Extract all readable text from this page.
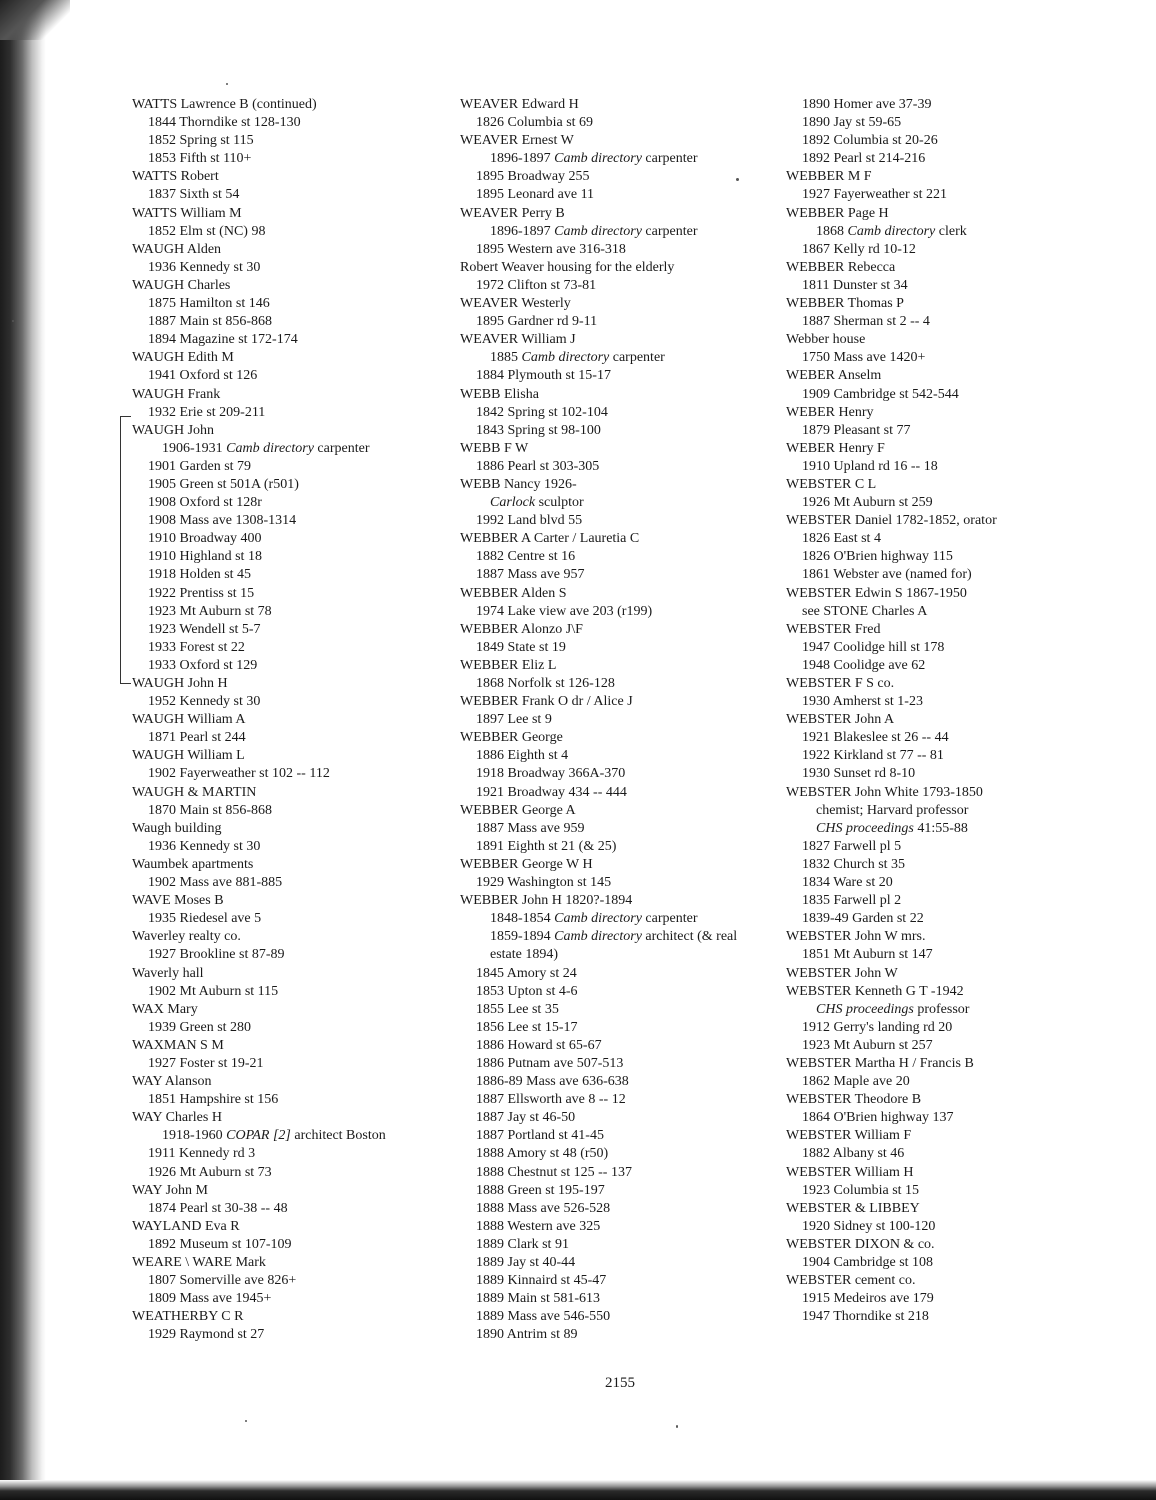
WATTS Lawrence B (continued)
1844 Thorndike st 128-130
1852 Spring st 115
1853 Fifth st 110+
WATTS Robert
1837 Sixth st 54
WATTS William M
1852 Elm st (NC) 98
WAUGH Alden
1936 Kennedy st 30
WAUGH Charles
1875 Hamilton st 146
1887 Main st 856-868
1894 Magazine st 172-174
WAUGH Edith M
1941 Oxford st 126
WAUGH Frank
1932 Erie st 209-211
WAUGH John
1906-1931 Camb directory carpenter
1901 Garden st 79
1905 Green st 501A (r501)
1908 Oxford st 128r
1908 Mass ave 1308-1314
1910 Broadway 400
1910 Highland st 18
1918 Holden st 45
1922 Prentiss st 15
1923 Mt Auburn st 78
1923 Wendell st 5-7
1933 Forest st 22
1933 Oxford st 129
WAUGH John H
1952 Kennedy st 30
WAUGH William A
1871 Pearl st 244
WAUGH William L
1902 Fayerweather st 102 -- 112
WAUGH & MARTIN
1870 Main st 856-868
Waugh building
1936 Kennedy st 30
Waumbek apartments
1902 Mass ave 881-885
WAVE Moses B
1935 Riedesel ave 5
Waverley realty co.
1927 Brookline st 87-89
Waverly hall
1902 Mt Auburn st 115
WAX Mary
1939 Green st 280
WAXMAN S M
1927 Foster st 19-21
WAY Alanson
1851 Hampshire st 156
WAY Charles H
1918-1960 COPAR [2] architect Boston
1911 Kennedy rd 3
1926 Mt Auburn st 73
WAY John M
1874 Pearl st 30-38 -- 48
WAYLAND Eva R
1892 Museum st 107-109
WEARE \ WARE Mark
1807 Somerville ave 826+
1809 Mass ave 1945+
WEATHERBY C R
1929 Raymond st 27
WEAVER Edward H
1826 Columbia st 69
WEAVER Ernest W
1896-1897 Camb directory carpenter
1895 Broadway 255
1895 Leonard ave 11
WEAVER Perry B
1896-1897 Camb directory carpenter
1895 Western ave 316-318
Robert Weaver housing for the elderly
1972 Clifton st 73-81
WEAVER Westerly
1895 Gardner rd 9-11
WEAVER William J
1885 Camb directory carpenter
1884 Plymouth st 15-17
WEBB Elisha
1842 Spring st 102-104
1843 Spring st 98-100
WEBB F W
1886 Pearl st 303-305
WEBB Nancy 1926-
Carlock sculptor
1992 Land blvd 55
WEBBER A Carter / Lauretia C
1882 Centre st 16
1887 Mass ave 957
WEBBER Alden S
1974 Lake view ave 203 (r199)
WEBBER Alonzo J\F
1849 State st 19
WEBBER Eliz L
1868 Norfolk st 126-128
WEBBER Frank O dr / Alice J
1897 Lee st 9
WEBBER George
1886 Eighth st 4
1918 Broadway 366A-370
1921 Broadway 434 -- 444
WEBBER George A
1887 Mass ave 959
1891 Eighth st 21 (& 25)
WEBBER George W H
1929 Washington st 145
WEBBER John H 1820?-1894
1848-1854 Camb directory carpenter
1859-1894 Camb directory architect (& real
estate 1894)
1845 Amory st 24
1853 Upton st 4-6
1855 Lee st 35
1856 Lee st 15-17
1886 Howard st 65-67
1886 Putnam ave 507-513
1886-89 Mass ave 636-638
1887 Ellsworth ave 8 -- 12
1887 Jay st 46-50
1887 Portland st 41-45
1888 Amory st 48 (r50)
1888 Chestnut st 125 -- 137
1888 Green st 195-197
1888 Mass ave 526-528
1888 Western ave 325
1889 Clark st 91
1889 Jay st 40-44
1889 Kinnaird st 45-47
1889 Main st 581-613
1889 Mass ave 546-550
1890 Antrim st 89
1890 Homer ave 37-39
1890 Jay st 59-65
1892 Columbia st 20-26
1892 Pearl st 214-216
WEBBER M F
1927 Fayerweather st 221
WEBBER Page H
1868 Camb directory clerk
1867 Kelly rd 10-12
WEBBER Rebecca
1811 Dunster st 34
WEBBER Thomas P
1887 Sherman st 2 -- 4
Webber house
1750 Mass ave 1420+
WEBER Anselm
1909 Cambridge st 542-544
WEBER Henry
1879 Pleasant st 77
WEBER Henry F
1910 Upland rd 16 -- 18
WEBSTER C L
1926 Mt Auburn st 259
WEBSTER Daniel 1782-1852, orator
1826 East st 4
1826 O'Brien highway 115
1861 Webster ave (named for)
WEBSTER Edwin S 1867-1950
see STONE Charles A
WEBSTER Fred
1947 Coolidge hill st 178
1948 Coolidge ave 62
WEBSTER F S co.
1930 Amherst st 1-23
WEBSTER John A
1921 Blakeslee st 26 -- 44
1922 Kirkland st 77 -- 81
1930 Sunset rd 8-10
WEBSTER John White 1793-1850
chemist; Harvard professor
CHS proceedings 41:55-88
1827 Farwell pl 5
1832 Church st 35
1834 Ware st 20
1835 Farwell pl 2
1839-49 Garden st 22
WEBSTER John W mrs.
1851 Mt Auburn st 147
WEBSTER John W
WEBSTER Kenneth G T -1942
CHS proceedings professor
1912 Gerry's landing rd 20
1923 Mt Auburn st 257
WEBSTER Martha H / Francis B
1862 Maple ave 20
WEBSTER Theodore B
1864 O'Brien highway 137
WEBSTER William F
1882 Albany st 46
WEBSTER William H
1923 Columbia st 15
WEBSTER & LIBBEY
1920 Sidney st 100-120
WEBSTER DIXON & co.
1904 Cambridge st 108
WEBSTER cement co.
1915 Medeiros ave 179
1947 Thorndike st 218
2155
